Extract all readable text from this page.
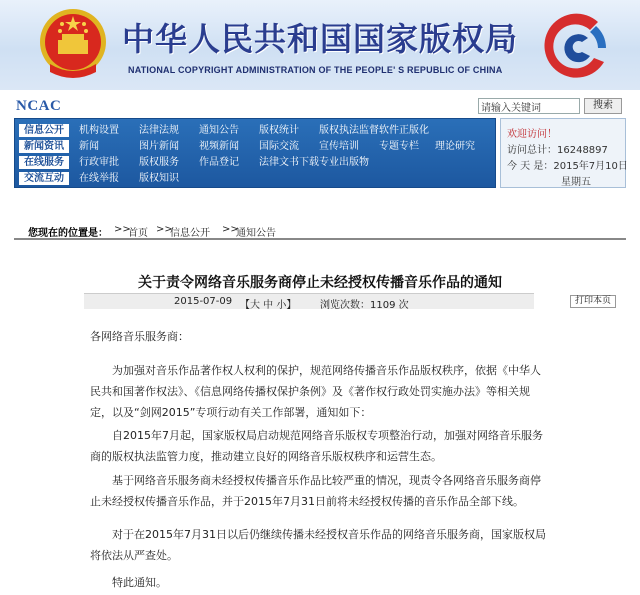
中华人民共和国国家版权局
NATIONAL COPYRIGHT ADMINISTRATION OF THE PEOPLE' S REPUBLIC OF CHINA
NCAC
请输入关键词	搜索
信息公开	机构设置 法律法规 通知公告 版权统计 版权执法监督软件正版化
新闻资讯	新闻	图片新闻 视频新闻 国际交流 宣传培训 专题专栏 理论研究
在线服务	行政审批 版权服务 作品登记 法律文书下载专业出版物
交流互动	在线举报 版权知识
欢迎访问！
访问总计：16248897
今 天 是：2015年7月10日
星期五
您现在的位置是： >>
首页 >>
信息公开 >>
通知公告
关于责令网络音乐服务商停止未经授权传播音乐作品的通知
2015-07-09 【大 中 小】 浏览次数：1109 次	打印本页

各网络音乐服务商：

为加强对音乐作品著作权人权利的保护，规范网络传播音乐作品版权秩序，依据《中华人民共和国著作权法》、《信息网络传播权保护条例》及《著作权行政处罚实施办法》等相关规定，以及“剑网2015”专项行动有关工作部署，通知如下：

自2015年7月起，国家版权局启动规范网络音乐版权专项整治行动，加强对网络音乐服务商的版权执法监管力度，推动建立良好的网络音乐版权秩序和运营生态。

基于网络音乐服务商未经授权传播音乐作品比较严重的情况，现责令各网络音乐服务商停止未经授权传播音乐作品，并于2015年7月31日前将未经授权传播的音乐作品全部下线。

对于在2015年7月31日以后仍继续传播未经授权音乐作品的网络音乐服务商，国家版权局将依法从严查处。

特此通知。
